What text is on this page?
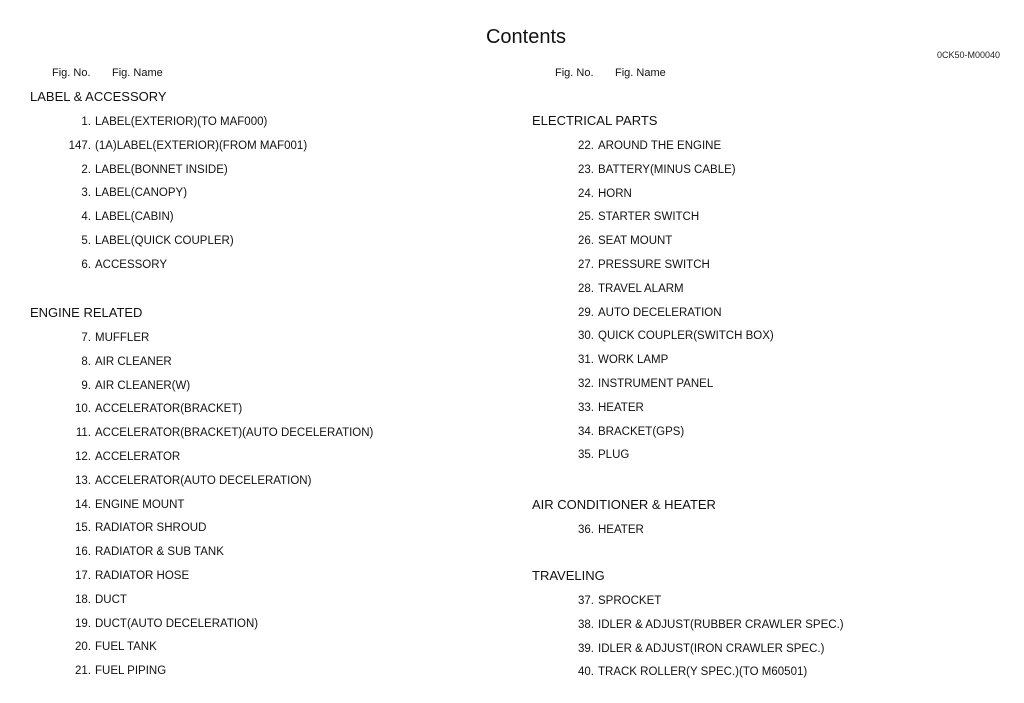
Contents
0CK50-M00040
Fig. No. Fig. Name
LABEL & ACCESSORY
1. LABEL(EXTERIOR)(TO MAF000)
147. (1A)LABEL(EXTERIOR)(FROM MAF001)
2. LABEL(BONNET INSIDE)
3. LABEL(CANOPY)
4. LABEL(CABIN)
5. LABEL(QUICK COUPLER)
6. ACCESSORY
ENGINE RELATED
7. MUFFLER
8. AIR CLEANER
9. AIR CLEANER(W)
10. ACCELERATOR(BRACKET)
11. ACCELERATOR(BRACKET)(AUTO DECELERATION)
12. ACCELERATOR
13. ACCELERATOR(AUTO DECELERATION)
14. ENGINE MOUNT
15. RADIATOR SHROUD
16. RADIATOR & SUB TANK
17. RADIATOR HOSE
18. DUCT
19. DUCT(AUTO DECELERATION)
20. FUEL TANK
21. FUEL PIPING
Fig. No. Fig. Name
ELECTRICAL PARTS
22. AROUND THE ENGINE
23. BATTERY(MINUS CABLE)
24. HORN
25. STARTER SWITCH
26. SEAT MOUNT
27. PRESSURE SWITCH
28. TRAVEL ALARM
29. AUTO DECELERATION
30. QUICK COUPLER(SWITCH BOX)
31. WORK LAMP
32. INSTRUMENT PANEL
33. HEATER
34. BRACKET(GPS)
35. PLUG
AIR CONDITIONER & HEATER
36. HEATER
TRAVELING
37. SPROCKET
38. IDLER & ADJUST(RUBBER CRAWLER SPEC.)
39. IDLER & ADJUST(IRON CRAWLER SPEC.)
40. TRACK ROLLER(Y SPEC.)(TO M60501)
